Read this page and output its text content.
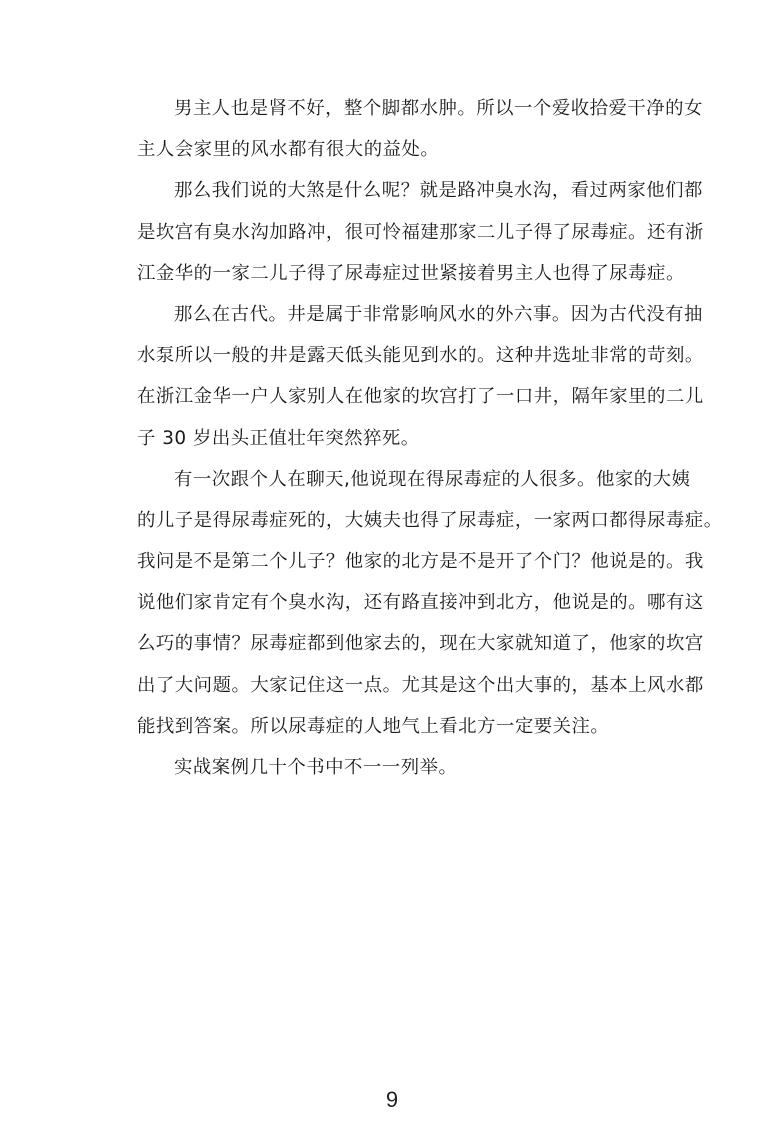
男主人也是肾不好，整个脚都水肿。所以一个爱收拾爱干净的女
主人会家里的风水都有很大的益处。
那么我们说的大煞是什么呢？就是路冲臭水沟，看过两家他们都
是坎宫有臭水沟加路冲，很可怜福建那家二儿子得了尿毒症。还有浙
江金华的一家二儿子得了尿毒症过世紧接着男主人也得了尿毒症。
那么在古代。井是属于非常影响风水的外六事。因为古代没有抽
水泵所以一般的井是露天低头能见到水的。这种井选址非常的苛刻。
在浙江金华一户人家别人在他家的坎宫打了一口井，隔年家里的二儿
子 30 岁出头正值壮年突然猝死。
有一次跟个人在聊天,他说现在得尿毒症的人很多。他家的大姨
的儿子是得尿毒症死的，大姨夫也得了尿毒症，一家两口都得尿毒症。
我问是不是第二个儿子？他家的北方是不是开了个门？他说是的。我
说他们家肯定有个臭水沟，还有路直接冲到北方，他说是的。哪有这
么巧的事情？尿毒症都到他家去的，现在大家就知道了，他家的坎宫
出了大问题。大家记住这一点。尤其是这个出大事的，基本上风水都
能找到答案。所以尿毒症的人地气上看北方一定要关注。
实战案例几十个书中不一一列举。
9
